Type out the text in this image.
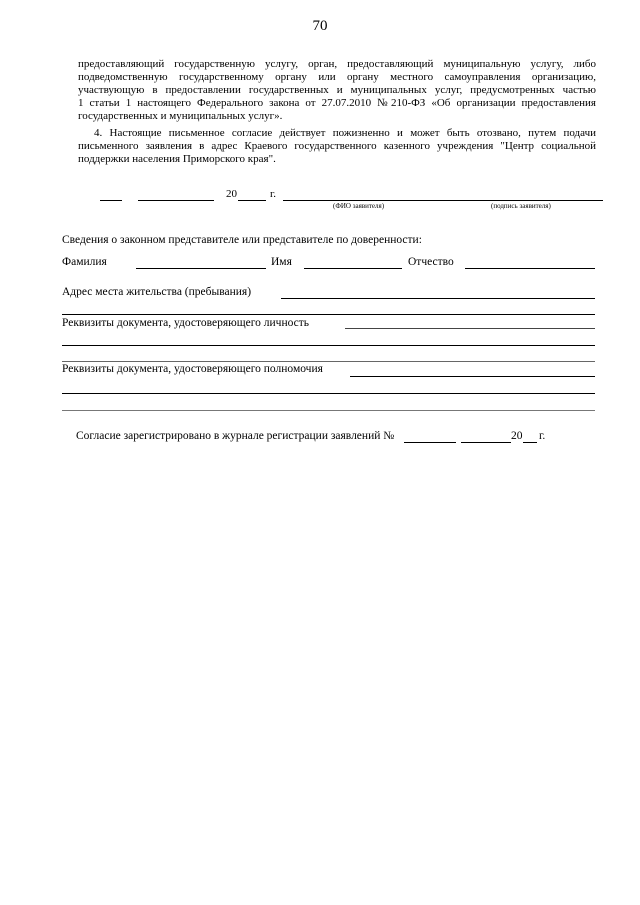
70
предоставляющий государственную услугу, орган, предоставляющий муниципальную услугу, либо
подведомственную государственному органу или органу местного самоуправления организацию,
участвующую в предоставлении государственных и муниципальных услуг, предусмотренных частью
1 статьи 1 настоящего Федерального закона от 27.07.2010 №210-ФЗ «Об организации предоставления
государственных и муниципальных услуг».
4. Настоящие письменное согласие действует пожизненно и может быть отозвано, путем подачи
письменного заявления в адрес Краевого государственного казенного учреждения "Центр социальной
поддержки населения Приморского края".
20	г.
(ФИО заявителя)	(подпись заявителя)
Сведения о законном представителе или представителе по доверенности:
Фамилия	Имя	Отчество
Адрес места жительства (пребывания)
Реквизиты документа, удостоверяющего личность
Реквизиты документа, удостоверяющего полномочия
Согласие зарегистрировано в журнале регистрации заявлений №	20 г.
